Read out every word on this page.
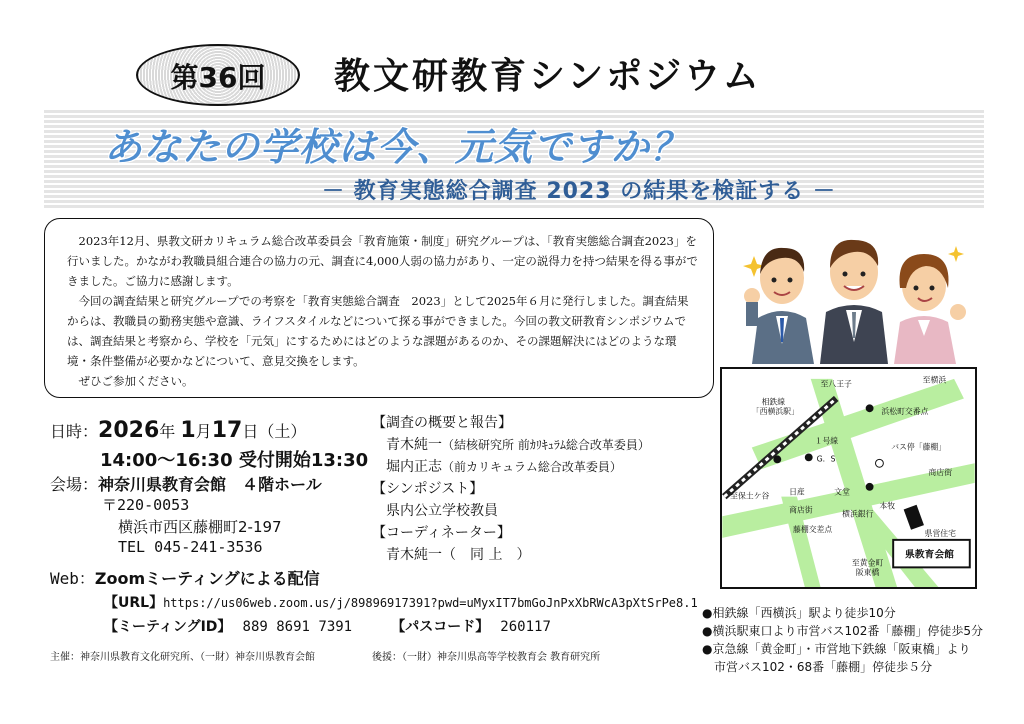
第36回	教文研教育シンポジウム
あなたの学校は今、元気ですか？
－ 教育実態総合調査 2023 の結果を検証する －

2023年12月、県教文研カリキュラム総合改革委員会「教育施策・制度」研究グループは、「教育実態総合調査2023」を行いました。かながわ教職員組合連合の協力の元、調査に4,000人弱の協力があり、一定の説得力を持つ結果を得る事ができました。ご協力に感謝します。

今回の調査結果と研究グループでの考察を「教育実態総合調査　2023」として2025年６月に発行しました。調査結果からは、教職員の勤務実態や意識、ライフスタイルなどについて探る事ができました。今回の教文研教育シンポジウムでは、調査結果と考察から、学校を「元気」にするためにはどのような課題があるのか、その課題解決にはどのような環境・条件整備が必要かなどについて、意見交換をします。

ぜひご参加ください。

日時：2026年 1月17日（土）
14:00～16:30 受付開始13:30
会場：神奈川県教育会館　４階ホール
〒220-0053
横浜市西区藤棚町2-197
TEL 045-241-3536
Web：Zoomミーティングによる配信
【URL】https://us06web.zoom.us/j/89896917391?pwd=uMyxIT7bmGoJnPxXbRWcA3pXtSrPe8.1
【ミーティングID】 889 8691 7391	【パスコード】 260117
【調査の概要と報告】
青木純一（結核研究所 前ｶﾘｷｭﾗﾑ総合改革委員）
堀内正志（前カリキュラム総合改革委員）
【シンポジスト】
県内公立学校教員
【コーディネーター】
青木純一（　同 上　）
至八王子	至横浜
相鉄線
「西横浜駅」	浜松町交番点
１号線
バス停「藤棚」
G．S
商店街
至保土ケ谷 日産	文堂
商店街	本牧
横浜銀行
藤棚交差点	県営住宅
至黄金町
阪東橋
県教育会館
●相鉄線「西横浜」駅より徒歩10分
●横浜駅東口より市営バス102番「藤棚」停徒歩5分
●京急線「黄金町」・市営地下鉄線「阪東橋」より
市営バス102・68番「藤棚」停徒歩５分
主催：神奈川県教育文化研究所、（一財）神奈川県教育会館	後援：（一財）神奈川県高等学校教育会 教育研究所
